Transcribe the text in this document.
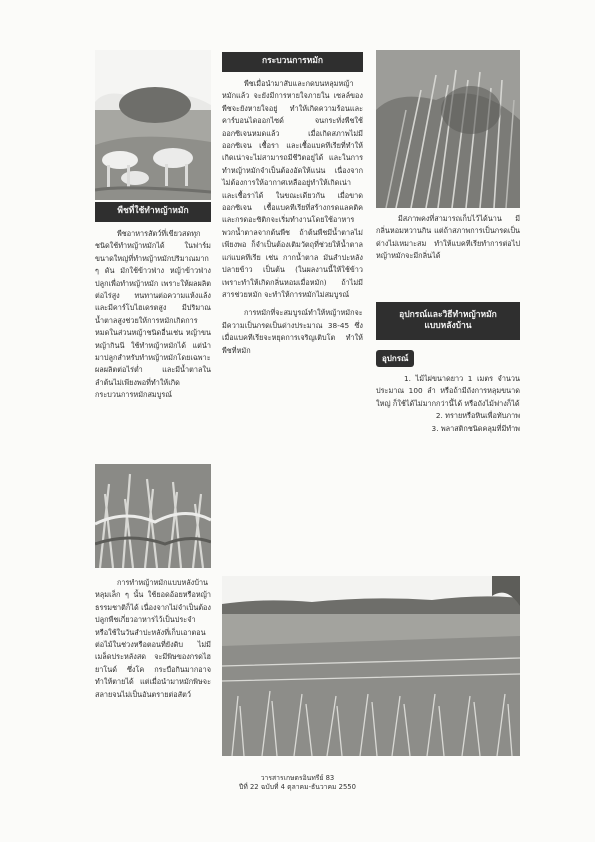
พืชที่ใช้ทำหญ้าหมัก

พืชอาหารสัตว์ที่เขียวสดทุกชนิดใช้ทำหญ้าหมักได้ ในฟาร์มขนาดใหญ่ที่ทำหญ้าหมักปริมาณมาก ๆ ดัน มักใช้ข้าวฟ่าง หญ้าข้าวฟ่าง ปลูกเพื่อทำหญ้าหมัก เพราะให้ผลผลิตต่อไร่สูง ทนทานต่อความแห้งแล้ง และมีคาร์โบไฮเดรตสูง มีปริมาณน้ำตาลสูงช่วยให้การหมักเกิดการหมดในส่วนหญ้าชนิดอื่นเช่น หญ้าขน หญ้ากินนี ใช้ทำหญ้าหมักได้ แต่นำมาปลูกสำหรับทำหญ้าหมักโดยเฉพาะผลผลิตต่อไร่ต่ำ และมีน้ำตาลในลำต้นไม่เพียงพอที่ทำให้เกิดกระบวนการหมักสมบูรณ์

การทำหญ้าหมักแบบหลังบ้านหลุมเล็ก ๆ นั้น ใช้ยอดอ้อยหรือหญ้าธรรมชาติก็ได้ เนื่องจากไม่จำเป็นต้องปลูกพืชเกี่ยวอาหารไว้เป็นประจำ หรือใช้ในวันสำปะหลังที่เก็บเอาตอนต่อไม้ในช่วงหรือตอนที่ยังดิบ ไม่มีเมล็ดประหลังสด จะมีพิษของกรดไฮยาโนด์ ซึ่งโค กระบือกินมากอาจทำให้ตายได้ แต่เมื่อนำมาหมักพิษจะสลายจนไม่เป็นอันตรายต่อสัตว์

กระบวนการหมัก

พืชเมื่อนำมาสับและกดบนหลุมหญ้าหมักแล้ว จะยังมีการหายใจภายใน เซลล์ของพืชจะยังหายใจอยู่ ทำให้เกิดความร้อนและคาร์บอนไดออกไซด์ จนกระทั่งพืชใช้ออกซิเจนหมดแล้ว เมื่อเกิดสภาพไม่มีออกซิเจน เชื้อรา และเชื้อแบคทีเรียที่ทำให้เกิดเน่าจะไม่สามารถมีชีวิตอยู่ได้ และในการทำหญ้าหมักจำเป็นต้องอัดให้แน่น เนื่องจากไม่ต้องการให้อากาศเหลืออยู่ทำให้เกิดเน่าและเชื้อราได้ ในขณะเดียวกัน เมื่อขาดออกซิเจน เชื้อแบคทีเรียที่สร้างกรดแลคติค และกรดอะซิติกจะเริ่มทำงานโดยใช้อาหารพวกน้ำตาลจากต้นพืช ถ้าต้นพืชมีน้ำตาลไม่เพียงพอ ก็จำเป็นต้องเติมวัตถุที่ช่วยให้น้ำตาลแก่แบคทีเรีย เช่น กากน้ำตาล มันสำปะหลัง ปลายข้าว เป็นต้น (ในผลงานนี้ให้ใช้ข้าว เพราะทำให้เกิดกลิ่นหอมเมื่อหมัก) ถ้าไม่มีสารช่วยหมัก จะทำให้การหมักไม่สมบูรณ์

การหมักที่จะสมบูรณ์ทำให้หญ้าหมักจะมีความเป็นกรดเป็นด่างประมาณ 38-45 ซึ่งเมื่อแบคทีเรียจะหยุดการเจริญเติบโต ทำให้พืชที่หมัก

มีสภาพคงที่สามารถเก็บไว้ได้นาน มีกลิ่นหอมหวานกิน แต่ถ้าสภาพการเป็นกรดเป็นด่างไม่เหมาะสม ทำให้แบคทีเรียทำการต่อไป หญ้าหมักจะมีกลิ่นได้

อุปกรณ์และวิธีทำหญ้าหมัก แบบหลังบ้าน
อุปกรณ์
1. ไม้ไผ่ขนาดยาว 1 เมตร จำนวนประมาณ 100 ลำ หรือถ้ามีถังการหลุมขนาดใหญ่ ก็ใช้ได้ไม่มากกว่านี้ได้ หรือถังไม้ฟางก็ได้
2. ทรายหรือหินเพื่อทับภาพ
3. พลาสติกชนิดคลุมที่มีทำพ
วารสารเกษตรอินทรีย์ 83
ปีที่ 22 ฉบับที่ 4 ตุลาคม-ธันวาคม 2550
